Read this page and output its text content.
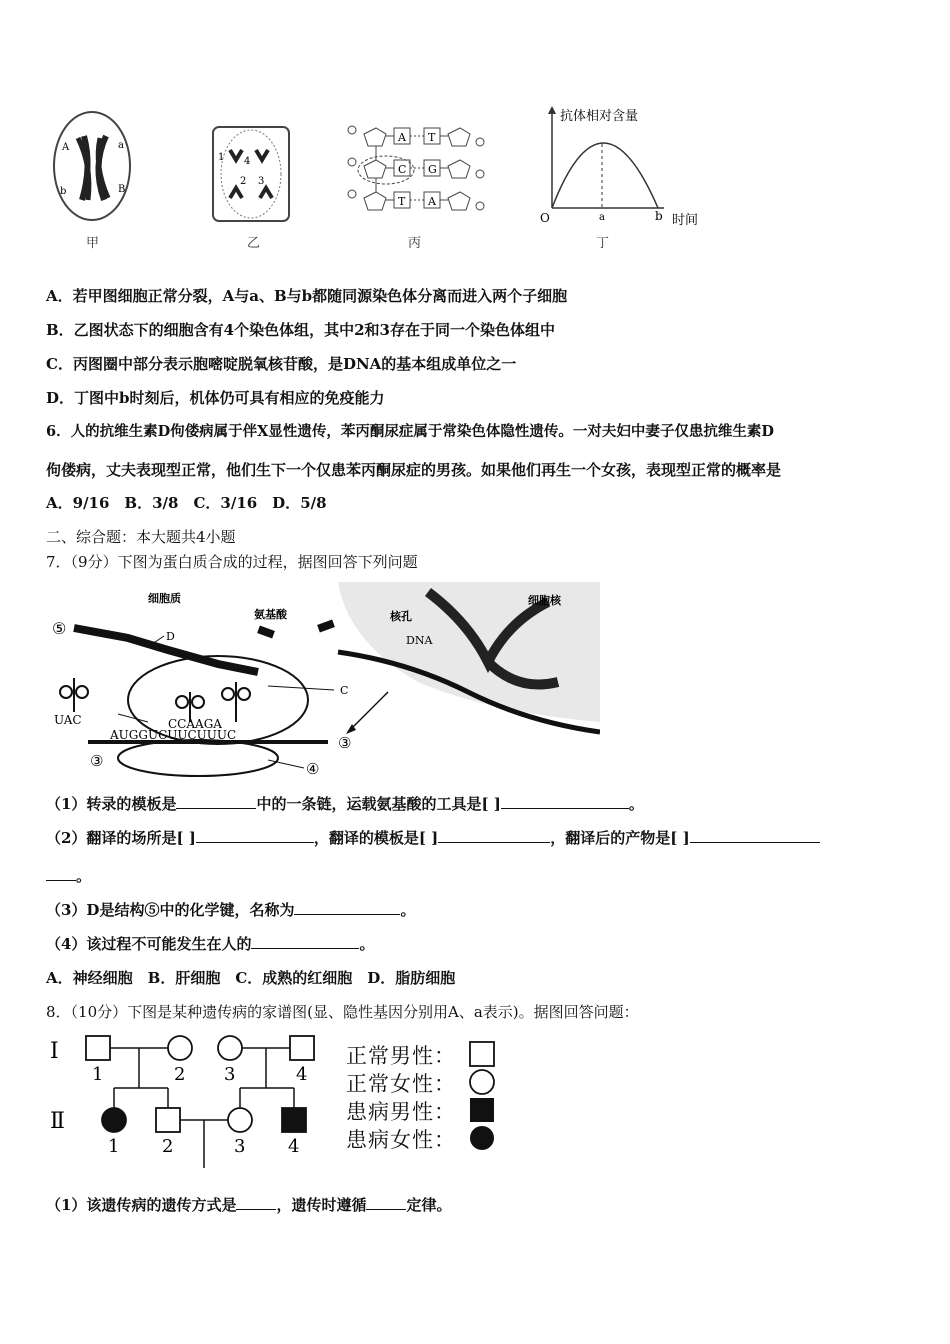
A	a
b	B
甲
1 4
2 3
乙
A T
C G
T A
丙
抗体相对含量
O	a	b 时间
丁
A．若甲图细胞正常分裂，A与a、B与b都随同源染色体分离而进入两个子细胞
B．乙图状态下的细胞含有4个染色体组，其中2和3存在于同一个染色体组中
C．丙图圈中部分表示胞嘧啶脱氧核苷酸，是DNA的基本组成单位之一
D．丁图中b时刻后，机体仍可具有相应的免疫能力
6．人的抗维生素D佝偻病属于伴X显性遗传，苯丙酮尿症属于常染色体隐性遗传。一对夫妇中妻子仅患抗维生素D
佝偻病，丈夫表现型正常，他们生下一个仅患苯丙酮尿症的男孩。如果他们再生一个女孩，表现型正常的概率是
A．9/16　B．3/8　C．3/16　D．5/8
二、综合题：本大题共4小题
7．（9分）下图为蛋白质合成的过程，据图回答下列问题
细胞核
核孔
DNA
细胞质
氨基酸
⑤	D
UAC	CCAAGA
AUGGUCUUCUUUC
C
③
③	④
（1）转录的模板是	中的一条链，运载氨基酸的工具是[ ]	。
（2）翻译的场所是[ ]	，翻译的模板是[ ]	，翻译后的产物是[ ]
。
（3）D是结构⑤中的化学键，名称为	。
（4）该过程不可能发生在人的	。
A．神经细胞　B．肝细胞　C．成熟的红细胞　D．脂肪细胞
8．（10分）下图是某种遗传病的家谱图(显、隐性基因分别用A、a表示)。据图回答问题：
Ⅰ
Ⅱ
1	2 3	4
1 2	3 4
正常男性：
正常女性：
患病男性：
患病女性：
（1）该遗传病的遗传方式是	，遗传时遵循	定律。
